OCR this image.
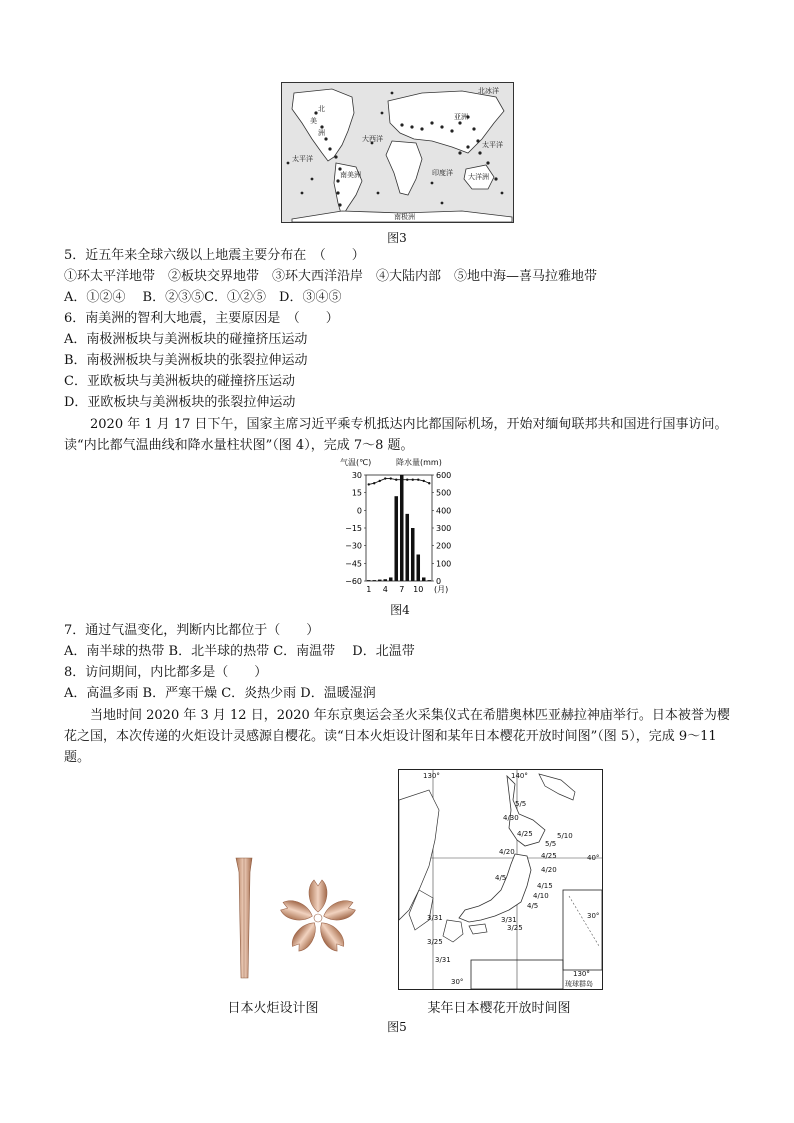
北
美
洲
南美洲
大西洋
太平洋
太平洋
亚洲
北冰洋
印度洋 大洋洲
南极洲
图3
5．近五年来全球六级以上地震主要分布在　（　　）
①环太平洋地带　②板块交界地带　③环大西洋沿岸　④大陆内部　⑤地中海—喜马拉雅地带
A．①②④　 B．②③⑤C．①②⑤　D．③④⑤
6．南美洲的智利大地震，主要原因是　（　　）
A．南极洲板块与美洲板块的碰撞挤压运动
B．南极洲板块与美洲板块的张裂拉伸运动
C．亚欧板块与美洲板块的碰撞挤压运动
D．亚欧板块与美洲板块的张裂拉伸运动
2020 年 1 月 17 日下午，国家主席习近平乘专机抵达内比都国际机场，开始对缅甸联邦共和国进行国事访问。读“内比都气温曲线和降水量柱状图”（图 4），完成 7～8 题。
气温(℃)	降水量(mm)
30
15
0
−15
−30
−45
−60
600
500
400
300
200
100
0
1 4 7 10 (月)
图4
7．通过气温变化，判断内比都位于（　　）
A．南半球的热带 B．北半球的热带 C．南温带　 D．北温带
8．访问期间，内比都多是（　　）
A．高温多雨 B．严寒干燥 C．炎热少雨 D．温暖湿润
当地时间 2020 年 3 月 12 日，2020 年东京奥运会圣火采集仪式在希腊奥林匹亚赫拉神庙举行。日本被誉为樱花之国，本次传递的火炬设计灵感源自樱花。读“日本火炬设计图和某年日本樱花开放时间图”（图 5），完成 9～11 题。
130°	140°
40°
30°
30°
130°
琉球群岛
5/5
4/30
5/10
5/5
4/25
4/20	4/25
4/20
4/5
4/15
4/10
4/5
3/31
3/25
3/31
3/25
3/31
日本火炬设计图	某年日本樱花开放时间图
图5
